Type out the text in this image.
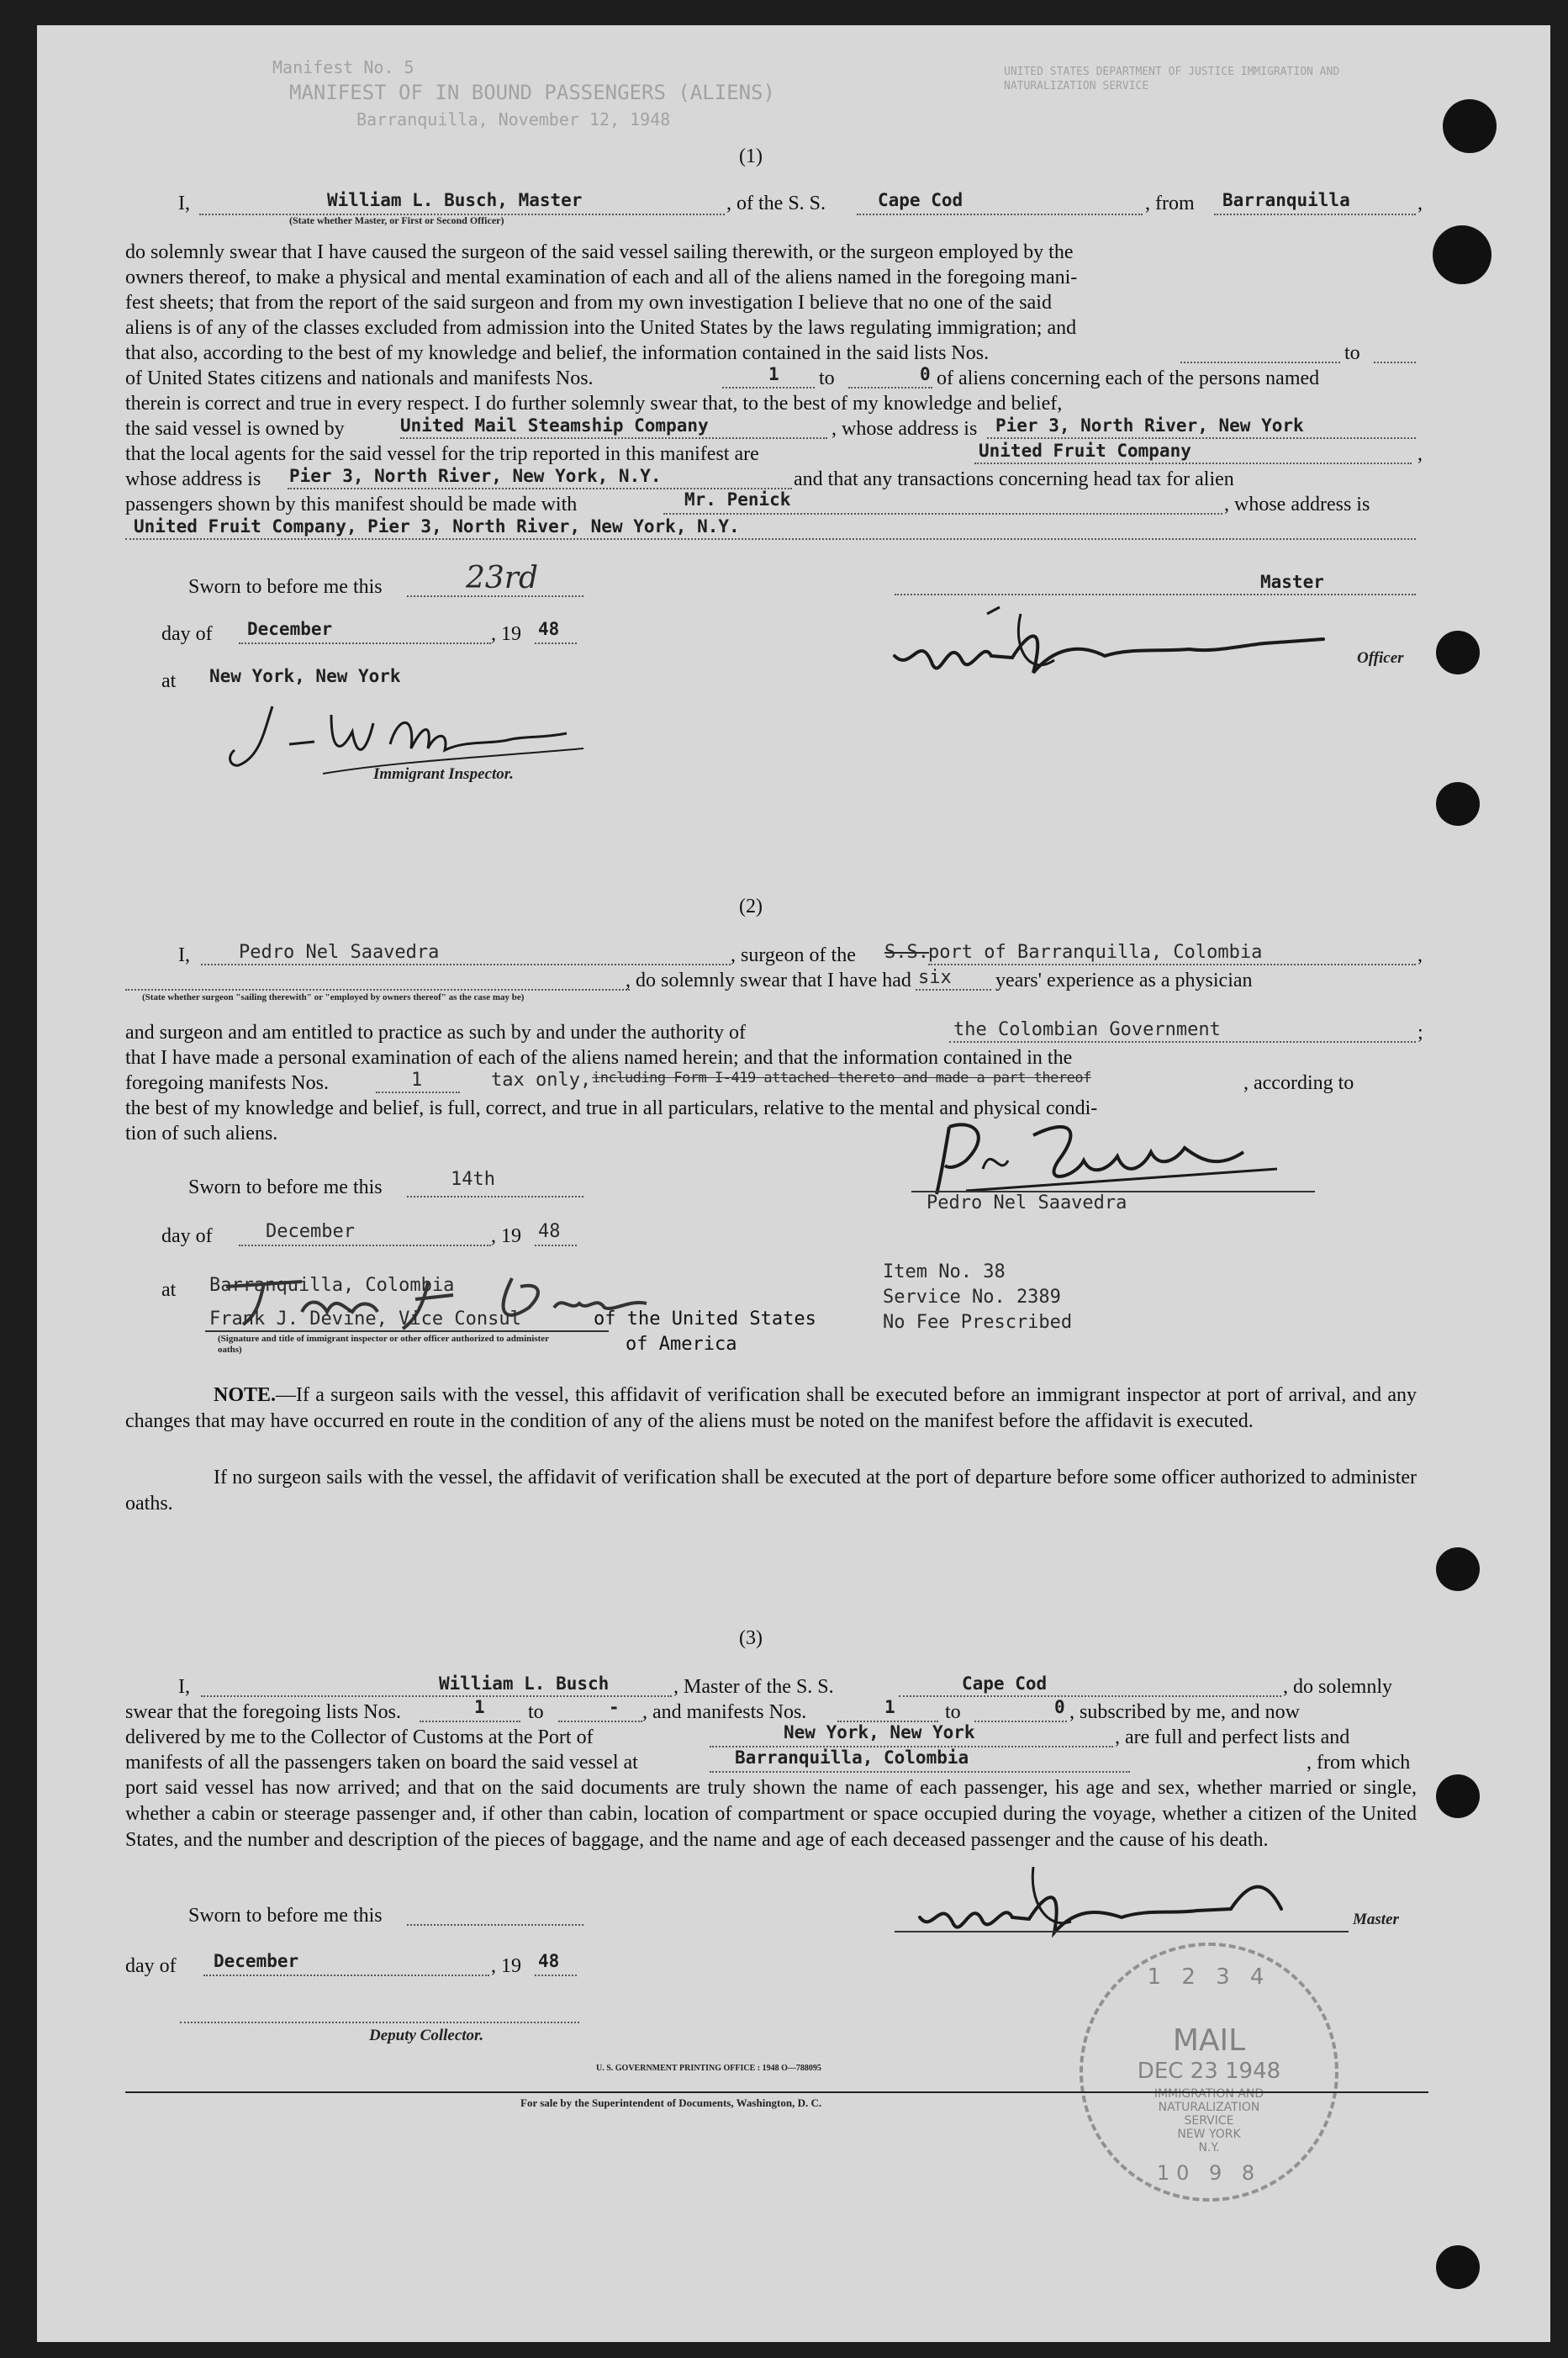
Manifest No. 5
MANIFEST OF IN BOUND PASSENGERS (ALIENS)
Barranquilla, November 12, 1948
UNITED STATES DEPARTMENT OF JUSTICE IMMIGRATION AND NATURALIZATION SERVICE
(1)
I,	William L. Busch, Master
(State whether Master, or First or Second Officer)
, of the S. S.	Cape Cod	, from Barranquilla	,
do solemnly swear that I have caused the surgeon of the said vessel sailing therewith, or the surgeon employed by the
owners thereof, to make a physical and mental examination of each and all of the aliens named in the foregoing mani-
fest sheets; that from the report of the said surgeon and from my own investigation I believe that no one of the said
aliens is of any of the classes excluded from admission into the United States by the laws regulating immigration; and
that also, according to the best of my knowledge and belief, the information contained in the said lists Nos.	to
of United States citizens and nationals and manifests Nos.	1 to	0 of aliens concerning each of the persons named
therein is correct and true in every respect. I do further solemnly swear that, to the best of my knowledge and belief,
the said vessel is owned by	United Mail Steamship Company	, whose address is Pier 3, North River, New York
that the local agents for the said vessel for the trip reported in this manifest are	United Fruit Company	,
whose address is Pier 3, North River, New York, N.Y.	and that any transactions concerning head tax for alien
passengers shown by this manifest should be made with	Mr. Penick	, whose address is
United Fruit Company, Pier 3, North River, New York, N.Y.
Sworn to before me this	23rd	Master
day of December	, 19 48
at New York, New York
Officer
Immigrant Inspector.
(2)
I,	Pedro Nel Saavedra	, surgeon of the S.S. port of Barranquilla, Colombia	,
, do solemnly swear that I have had six years' experience as a physician
(State whether surgeon "sailing therewith" or "employed by owners thereof" as the case may be)
and surgeon and am entitled to practice as such by and under the authority of	the Colombian Government	;
that I have made a personal examination of each of the aliens named herein; and that the information contained in the
foregoing manifests Nos.	1	tax only, including Form I-419 attached thereto and made a part thereof	, according to
the best of my knowledge and belief, is full, correct, and true in all particulars, relative to the mental and physical condi-
tion of such aliens.
Pedro Nel Saavedra
Sworn to before me this	14th
day of	December	, 19 48
at Barranquilla, Colombia
Frank J. Devine, Vice Consul	of the United States
(Signature and title of immigrant inspector or other officer authorized to administer oaths)	of America
Item No. 38
Service No. 2389
No Fee Prescribed
NOTE.—If a surgeon sails with the vessel, this affidavit of verification shall be executed before an immigrant inspector at port of arrival, and any changes that may have occurred en route in the condition of any of the aliens must be noted on the manifest before the affidavit is executed.
If no surgeon sails with the vessel, the affidavit of verification shall be executed at the port of departure before some officer authorized to administer oaths.
(3)
I,	William L. Busch	, Master of the S. S.	Cape Cod	, do solemnly
swear that the foregoing lists Nos.	1 to	- , and manifests Nos.	1 to	0 , subscribed by me, and now
delivered by me to the Collector of Customs at the Port of	New York, New York	, are full and perfect lists and
manifests of all the passengers taken on board the said vessel at	Barranquilla, Colombia	, from which
port said vessel has now arrived; and that on the said documents are truly shown the name of each passenger, his age and sex, whether married or single, whether a cabin or steerage passenger and, if other than cabin, location of compartment or space occupied during the voyage, whether a citizen of the United States, and the number and description of the pieces of baggage, and the name and age of each deceased passenger and the cause of his death.
Sworn to before me this	Master
day of December	, 19 48
Deputy Collector.
U. S. GOVERNMENT PRINTING OFFICE : 1948 O—788095
1 2 3 4
MAIL
DEC 23 1948
IMMIGRATION AND
NATURALIZATION
SERVICE
NEW YORK
N.Y.
10 9 8
For sale by the Superintendent of Documents, Washington, D. C.
